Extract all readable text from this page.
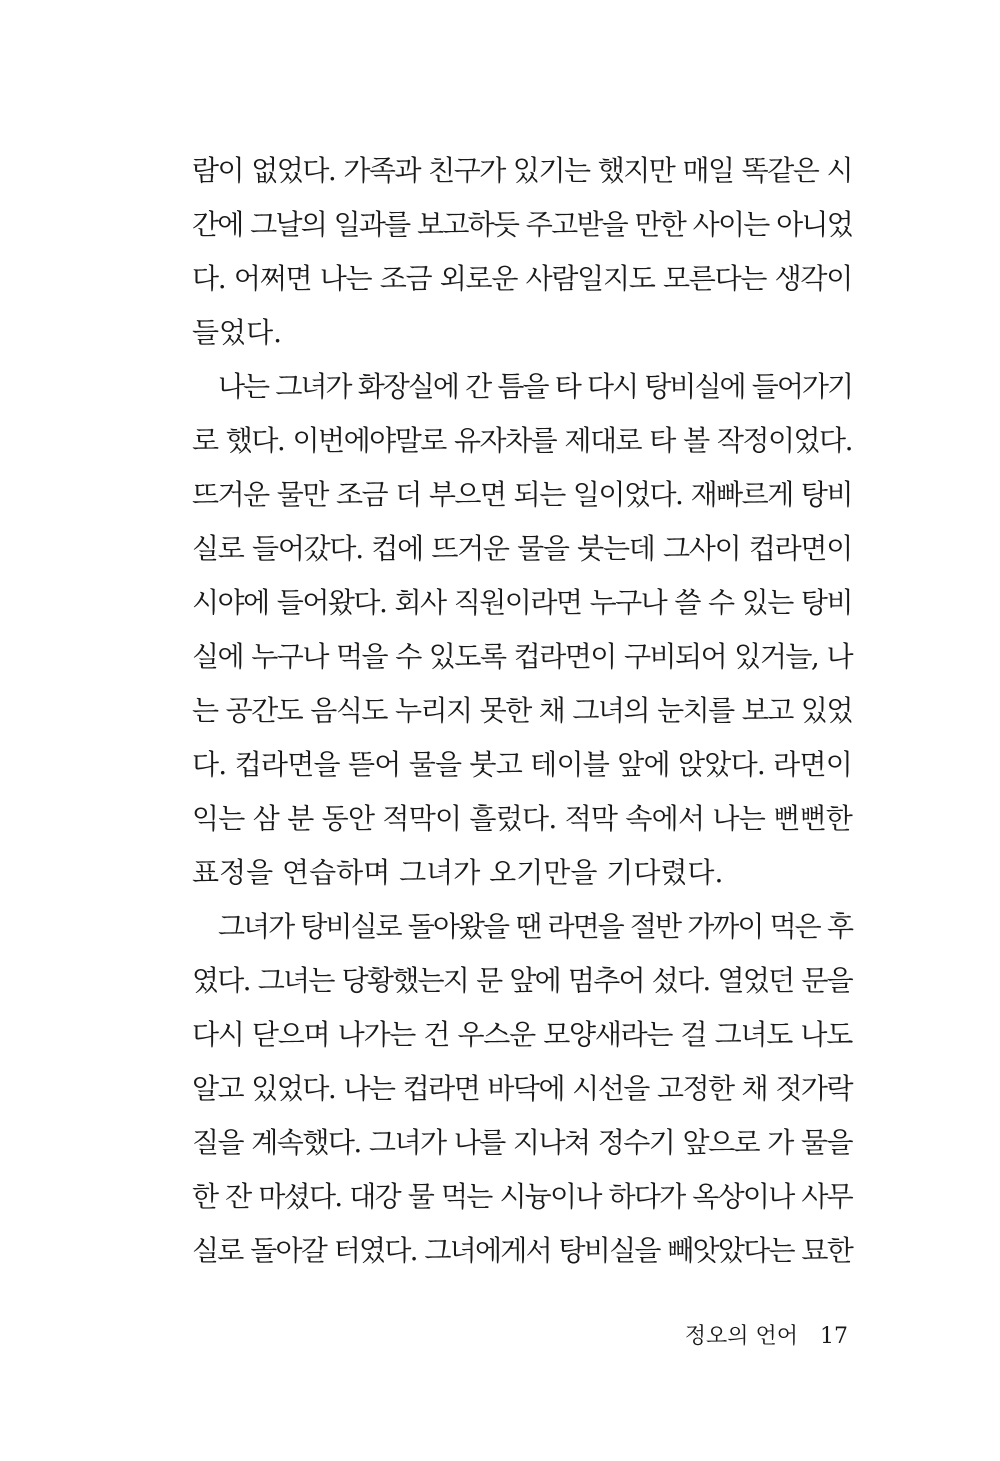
람이 없었다. 가족과 친구가 있기는 했지만 매일 똑같은 시
간에 그날의 일과를 보고하듯 주고받을 만한 사이는 아니었
다. 어쩌면 나는 조금 외로운 사람일지도 모른다는 생각이
들었다.
나는 그녀가 화장실에 간 틈을 타 다시 탕비실에 들어가기
로 했다. 이번에야말로 유자차를 제대로 타 볼 작정이었다.
뜨거운 물만 조금 더 부으면 되는 일이었다. 재빠르게 탕비
실로 들어갔다. 컵에 뜨거운 물을 붓는데 그사이 컵라면이
시야에 들어왔다. 회사 직원이라면 누구나 쓸 수 있는 탕비
실에 누구나 먹을 수 있도록 컵라면이 구비되어 있거늘, 나
는 공간도 음식도 누리지 못한 채 그녀의 눈치를 보고 있었
다. 컵라면을 뜯어 물을 붓고 테이블 앞에 앉았다. 라면이
익는 삼 분 동안 적막이 흘렀다. 적막 속에서 나는 뻔뻔한
표정을 연습하며 그녀가 오기만을 기다렸다.
그녀가 탕비실로 돌아왔을 땐 라면을 절반 가까이 먹은 후
였다. 그녀는 당황했는지 문 앞에 멈추어 섰다. 열었던 문을
다시 닫으며 나가는 건 우스운 모양새라는 걸 그녀도 나도
알고 있었다. 나는 컵라면 바닥에 시선을 고정한 채 젓가락
질을 계속했다. 그녀가 나를 지나쳐 정수기 앞으로 가 물을
한 잔 마셨다. 대강 물 먹는 시늉이나 하다가 옥상이나 사무
실로 돌아갈 터였다. 그녀에게서 탕비실을 빼앗았다는 묘한
정오의 언어 17
